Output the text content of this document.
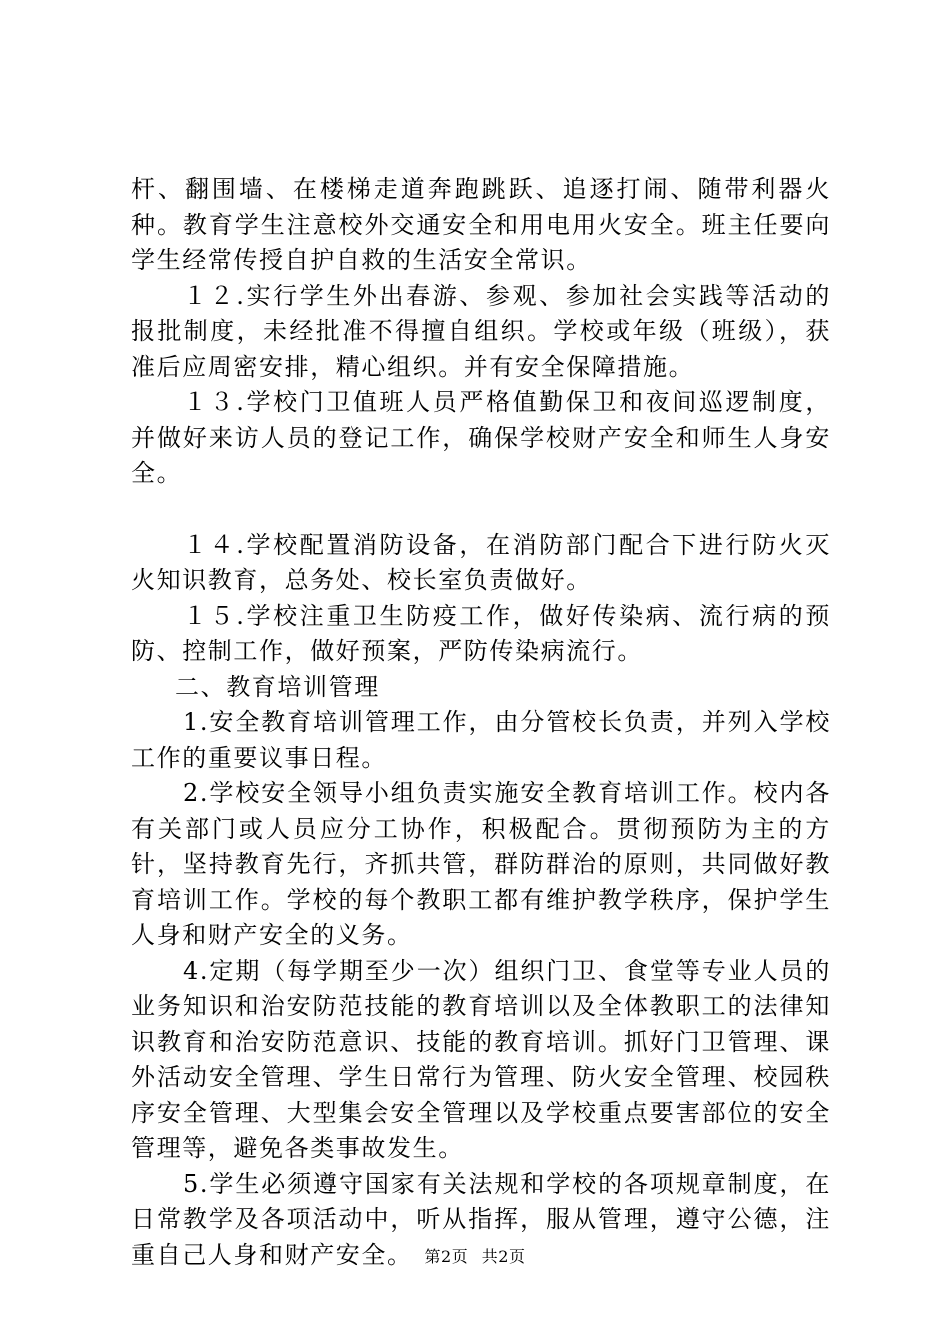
杆、翻围墙、在楼梯走道奔跑跳跃、追逐打闹、随带利器火种。教育学生注意校外交通安全和用电用火安全。班主任要向学生经常传授自护自救的生活安全常识。

１２.实行学生外出春游、参观、参加社会实践等活动的报批制度，未经批准不得擅自组织。学校或年级（班级），获准后应周密安排，精心组织。并有安全保障措施。

１３.学校门卫值班人员严格值勤保卫和夜间巡逻制度，并做好来访人员的登记工作，确保学校财产安全和师生人身安全。

１４.学校配置消防设备，在消防部门配合下进行防火灭火知识教育，总务处、校长室负责做好。

１５.学校注重卫生防疫工作，做好传染病、流行病的预防、控制工作，做好预案，严防传染病流行。

二、教育培训管理

1.安全教育培训管理工作，由分管校长负责，并列入学校工作的重要议事日程。

2.学校安全领导小组负责实施安全教育培训工作。校内各有关部门或人员应分工协作，积极配合。贯彻预防为主的方针，坚持教育先行，齐抓共管，群防群治的原则，共同做好教育培训工作。学校的每个教职工都有维护教学秩序，保护学生人身和财产安全的义务。

4.定期（每学期至少一次）组织门卫、食堂等专业人员的业务知识和治安防范技能的教育培训以及全体教职工的法律知识教育和治安防范意识、技能的教育培训。抓好门卫管理、课外活动安全管理、学生日常行为管理、防火安全管理、校园秩序安全管理、大型集会安全管理以及学校重点要害部位的安全管理等，避免各类事故发生。

5.学生必须遵守国家有关法规和学校的各项规章制度，在日常教学及各项活动中，听从指挥，服从管理，遵守公德，注重自己人身和财产安全。 第2页 共2页
